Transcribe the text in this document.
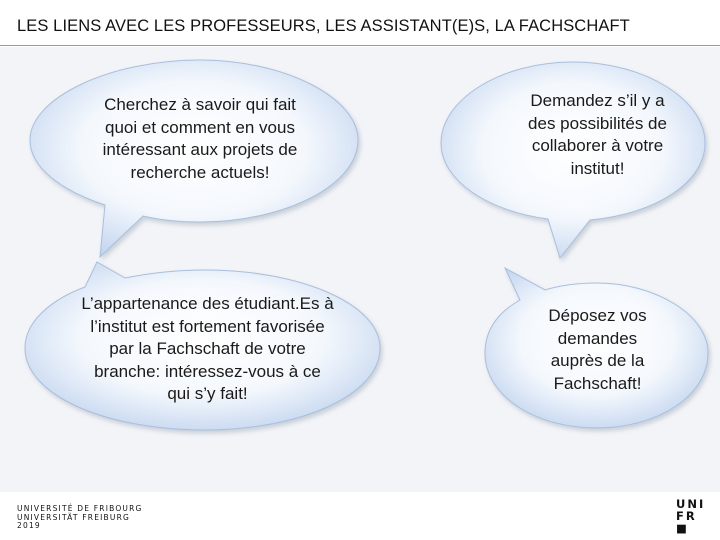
LES LIENS AVEC LES PROFESSEURS, LES ASSISTANT(E)S, LA FACHSCHAFT
Cherchez à savoir qui fait
quoi et comment en vous
intéressant aux projets de
recherche actuels!
Demandez s’il y a
des possibilités de
collaborer à votre
institut!
L’appartenance des étudiant.Es à
l’institut est fortement favorisée
par la Fachschaft de votre
branche: intéressez-vous à ce
qui s’y fait!
Déposez vos
demandes
auprès de la
Fachschaft!
UNIVERSITÉ DE FRIBOURG
UNIVERSITÄT FREIBURG
2019
UNI
FR
■
